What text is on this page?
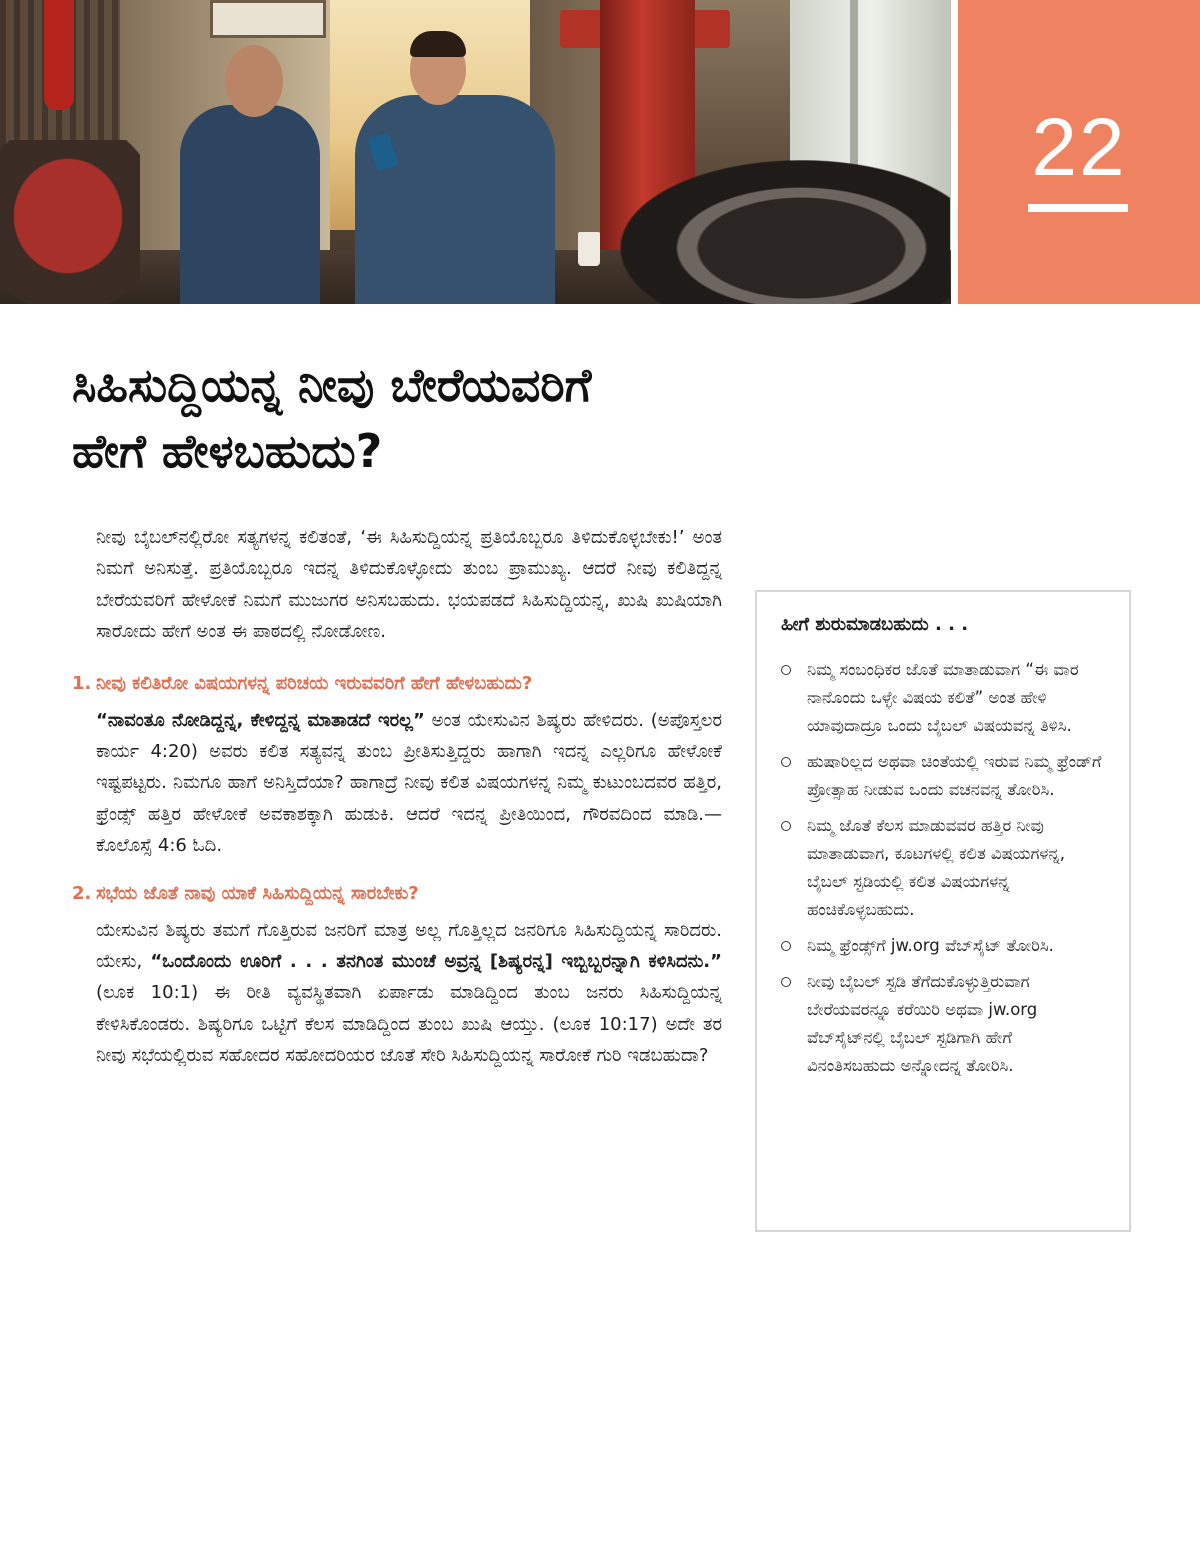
22
ಸಿಹಿಸುದ್ದಿಯನ್ನ ನೀವು ಬೇರೆಯವರಿಗೆ
ಹೇಗೆ ಹೇಳಬಹುದು?

ನೀವು ಬೈಬಲ್‌ನಲ್ಲಿರೋ ಸತ್ಯಗಳನ್ನ ಕಲಿತಂತೆ, ‘ಈ ಸಿಹಿಸುದ್ದಿಯನ್ನ ಪ್ರತಿಯೊಬ್ಬರೂ ತಿಳಿದುಕೊಳ್ಳಬೇಕು!’ ಅಂತ ನಿಮಗೆ ಅನಿಸುತ್ತೆ. ಪ್ರತಿಯೊಬ್ಬರೂ ಇದನ್ನ ತಿಳಿದುಕೊಳ್ಳೋದು ತುಂಬ ಪ್ರಾಮುಖ್ಯ. ಆದರೆ ನೀವು ಕಲಿತಿದ್ದನ್ನ ಬೇರೆಯವರಿಗೆ ಹೇಳೋಕೆ ನಿಮಗೆ ಮುಜುಗರ ಅನಿಸಬಹುದು. ಭಯಪಡದೆ ಸಿಹಿಸುದ್ದಿಯನ್ನ, ಖುಷಿ ಖುಷಿಯಾಗಿ ಸಾರೋದು ಹೇಗೆ ಅಂತ ಈ ಪಾಠದಲ್ಲಿ ನೋಡೋಣ.

1. ನೀವು ಕಲಿತಿರೋ ವಿಷಯಗಳನ್ನ ಪರಿಚಯ ಇರುವವರಿಗೆ ಹೇಗೆ ಹೇಳಬಹುದು?

“ನಾವಂತೂ ನೋಡಿದ್ದನ್ನ, ಕೇಳಿದ್ದನ್ನ ಮಾತಾಡದೆ ಇರಲ್ಲ” ಅಂತ ಯೇಸುವಿನ ಶಿಷ್ಯರು ಹೇಳಿದರು. (ಅಪೊಸ್ತಲರ ಕಾರ್ಯ 4:20) ಅವರು ಕಲಿತ ಸತ್ಯವನ್ನ ತುಂಬ ಪ್ರೀತಿಸುತ್ತಿದ್ದರು ಹಾಗಾಗಿ ಇದನ್ನ ಎಲ್ಲರಿಗೂ ಹೇಳೋಕೆ ಇಷ್ಟಪಟ್ಟರು. ನಿಮಗೂ ಹಾಗೆ ಅನಿಸ್ತಿದೆಯಾ? ಹಾಗಾದ್ರೆ ನೀವು ಕಲಿತ ವಿಷಯಗಳನ್ನ ನಿಮ್ಮ ಕುಟುಂಬದವರ ಹತ್ತಿರ, ಫ್ರೆಂಡ್ಸ್ ಹತ್ತಿರ ಹೇಳೋಕೆ ಅವಕಾಶಕ್ಕಾಗಿ ಹುಡುಕಿ. ಆದರೆ ಇದನ್ನ ಪ್ರೀತಿಯಿಂದ, ಗೌರವದಿಂದ ಮಾಡಿ.—ಕೊಲೊಸ್ಸೆ 4:6 ಓದಿ.

2. ಸಭೆಯ ಜೊತೆ ನಾವು ಯಾಕೆ ಸಿಹಿಸುದ್ದಿಯನ್ನ ಸಾರಬೇಕು?

ಯೇಸುವಿನ ಶಿಷ್ಯರು ತಮಗೆ ಗೊತ್ತಿರುವ ಜನರಿಗೆ ಮಾತ್ರ ಅಲ್ಲ ಗೊತ್ತಿಲ್ಲದ ಜನರಿಗೂ ಸಿಹಿಸುದ್ದಿಯನ್ನ ಸಾರಿದರು. ಯೇಸು, “ಒಂದೊಂದು ಊರಿಗೆ . . . ತನಗಿಂತ ಮುಂಚೆ ಅವ್ರನ್ನ [ಶಿಷ್ಯರನ್ನ] ಇಬ್ಬಿಬ್ಬರನ್ನಾಗಿ ಕಳಿಸಿದನು.” (ಲೂಕ 10:1) ಈ ರೀತಿ ವ್ಯವಸ್ಥಿತವಾಗಿ ಏರ್ಪಾಡು ಮಾಡಿದ್ದಿಂದ ತುಂಬ ಜನರು ಸಿಹಿಸುದ್ದಿಯನ್ನ ಕೇಳಿಸಿಕೊಂಡರು. ಶಿಷ್ಯರಿಗೂ ಒಟ್ಟಿಗೆ ಕೆಲಸ ಮಾಡಿದ್ದಿಂದ ತುಂಬ ಖುಷಿ ಆಯ್ತು. (ಲೂಕ 10:17) ಅದೇ ತರ ನೀವು ಸಭೆಯಲ್ಲಿರುವ ಸಹೋದರ ಸಹೋದರಿಯರ ಜೊತೆ ಸೇರಿ ಸಿಹಿಸುದ್ದಿಯನ್ನ ಸಾರೋಕೆ ಗುರಿ ಇಡಬಹುದಾ?

ಹೀಗೆ ಶುರುಮಾಡಬಹುದು . . .
ನಿಮ್ಮ ಸಂಬಂಧಿಕರ ಜೊತೆ ಮಾತಾಡುವಾಗ “ಈ ವಾರ ನಾನೊಂದು ಒಳ್ಳೇ ವಿಷಯ ಕಲಿತೆ” ಅಂತ ಹೇಳಿ ಯಾವುದಾದ್ರೂ ಒಂದು ಬೈಬಲ್ ವಿಷಯವನ್ನ ತಿಳಿಸಿ.
ಹುಷಾರಿಲ್ಲದ ಅಥವಾ ಚಿಂತೆಯಲ್ಲಿ ಇರುವ ನಿಮ್ಮ ಫ್ರೆಂಡ್‌ಗೆ ಪ್ರೋತ್ಸಾಹ ನೀಡುವ ಒಂದು ವಚನವನ್ನ ತೋರಿಸಿ.
ನಿಮ್ಮ ಜೊತೆ ಕೆಲಸ ಮಾಡುವವರ ಹತ್ತಿರ ನೀವು ಮಾತಾಡುವಾಗ, ಕೂಟಗಳಲ್ಲಿ ಕಲಿತ ವಿಷಯಗಳನ್ನ, ಬೈಬಲ್ ಸ್ಟಡಿಯಲ್ಲಿ ಕಲಿತ ವಿಷಯಗಳನ್ನ ಹಂಚಿಕೊಳ್ಳಬಹುದು.
ನಿಮ್ಮ ಫ್ರೆಂಡ್ಸ್‌ಗೆ jw.org ವೆಬ್‌ಸೈಟ್ ತೋರಿಸಿ.
ನೀವು ಬೈಬಲ್ ಸ್ಟಡಿ ತೆಗೆದುಕೊಳ್ಳುತ್ತಿರುವಾಗ ಬೇರೆಯವರನ್ನೂ ಕರೆಯಿರಿ ಅಥವಾ jw.org ವೆಬ್‌ಸೈಟ್‌ನಲ್ಲಿ ಬೈಬಲ್ ಸ್ಟಡಿಗಾಗಿ ಹೇಗೆ ವಿನಂತಿಸಬಹುದು ಅನ್ನೋದನ್ನ ತೋರಿಸಿ.
